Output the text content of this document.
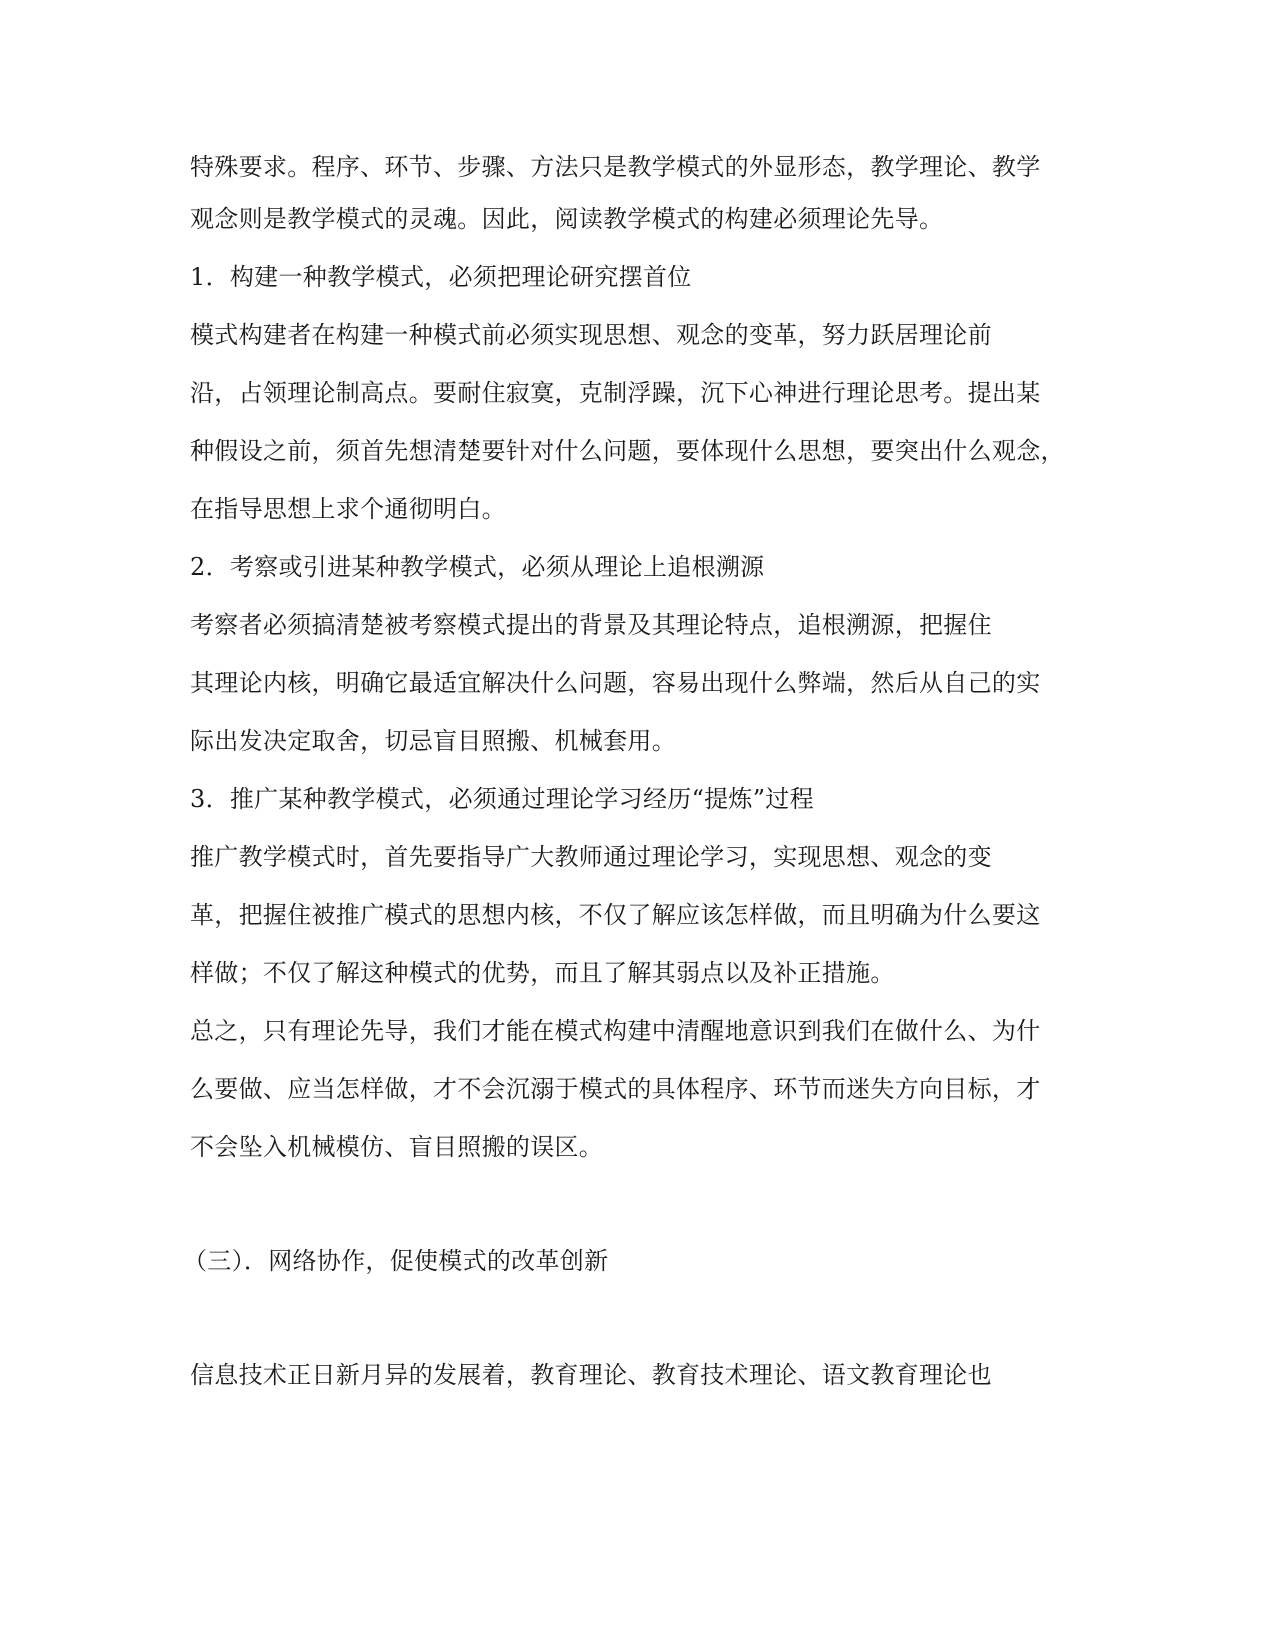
特殊要求。程序、环节、步骤、方法只是教学模式的外显形态，教学理论、教学
观念则是教学模式的灵魂。因此，阅读教学模式的构建必须理论先导。
1．构建一种教学模式，必须把理论研究摆首位
模式构建者在构建一种模式前必须实现思想、观念的变革，努力跃居理论前
沿，占领理论制高点。要耐住寂寞，克制浮躁，沉下心神进行理论思考。提出某
种假设之前，须首先想清楚要针对什么问题，要体现什么思想，要突出什么观念，
在指导思想上求个通彻明白。
2．考察或引进某种教学模式，必须从理论上追根溯源
考察者必须搞清楚被考察模式提出的背景及其理论特点，追根溯源，把握住
其理论内核，明确它最适宜解决什么问题，容易出现什么弊端，然后从自己的实
际出发决定取舍，切忌盲目照搬、机械套用。
3．推广某种教学模式，必须通过理论学习经历“提炼”过程
推广教学模式时，首先要指导广大教师通过理论学习，实现思想、观念的变
革，把握住被推广模式的思想内核，不仅了解应该怎样做，而且明确为什么要这
样做；不仅了解这种模式的优势，而且了解其弱点以及补正措施。
总之，只有理论先导，我们才能在模式构建中清醒地意识到我们在做什么、为什
么要做、应当怎样做，才不会沉溺于模式的具体程序、环节而迷失方向目标，才
不会坠入机械模仿、盲目照搬的误区。
（三）．网络协作，促使模式的改革创新
信息技术正日新月异的发展着，教育理论、教育技术理论、语文教育理论也
